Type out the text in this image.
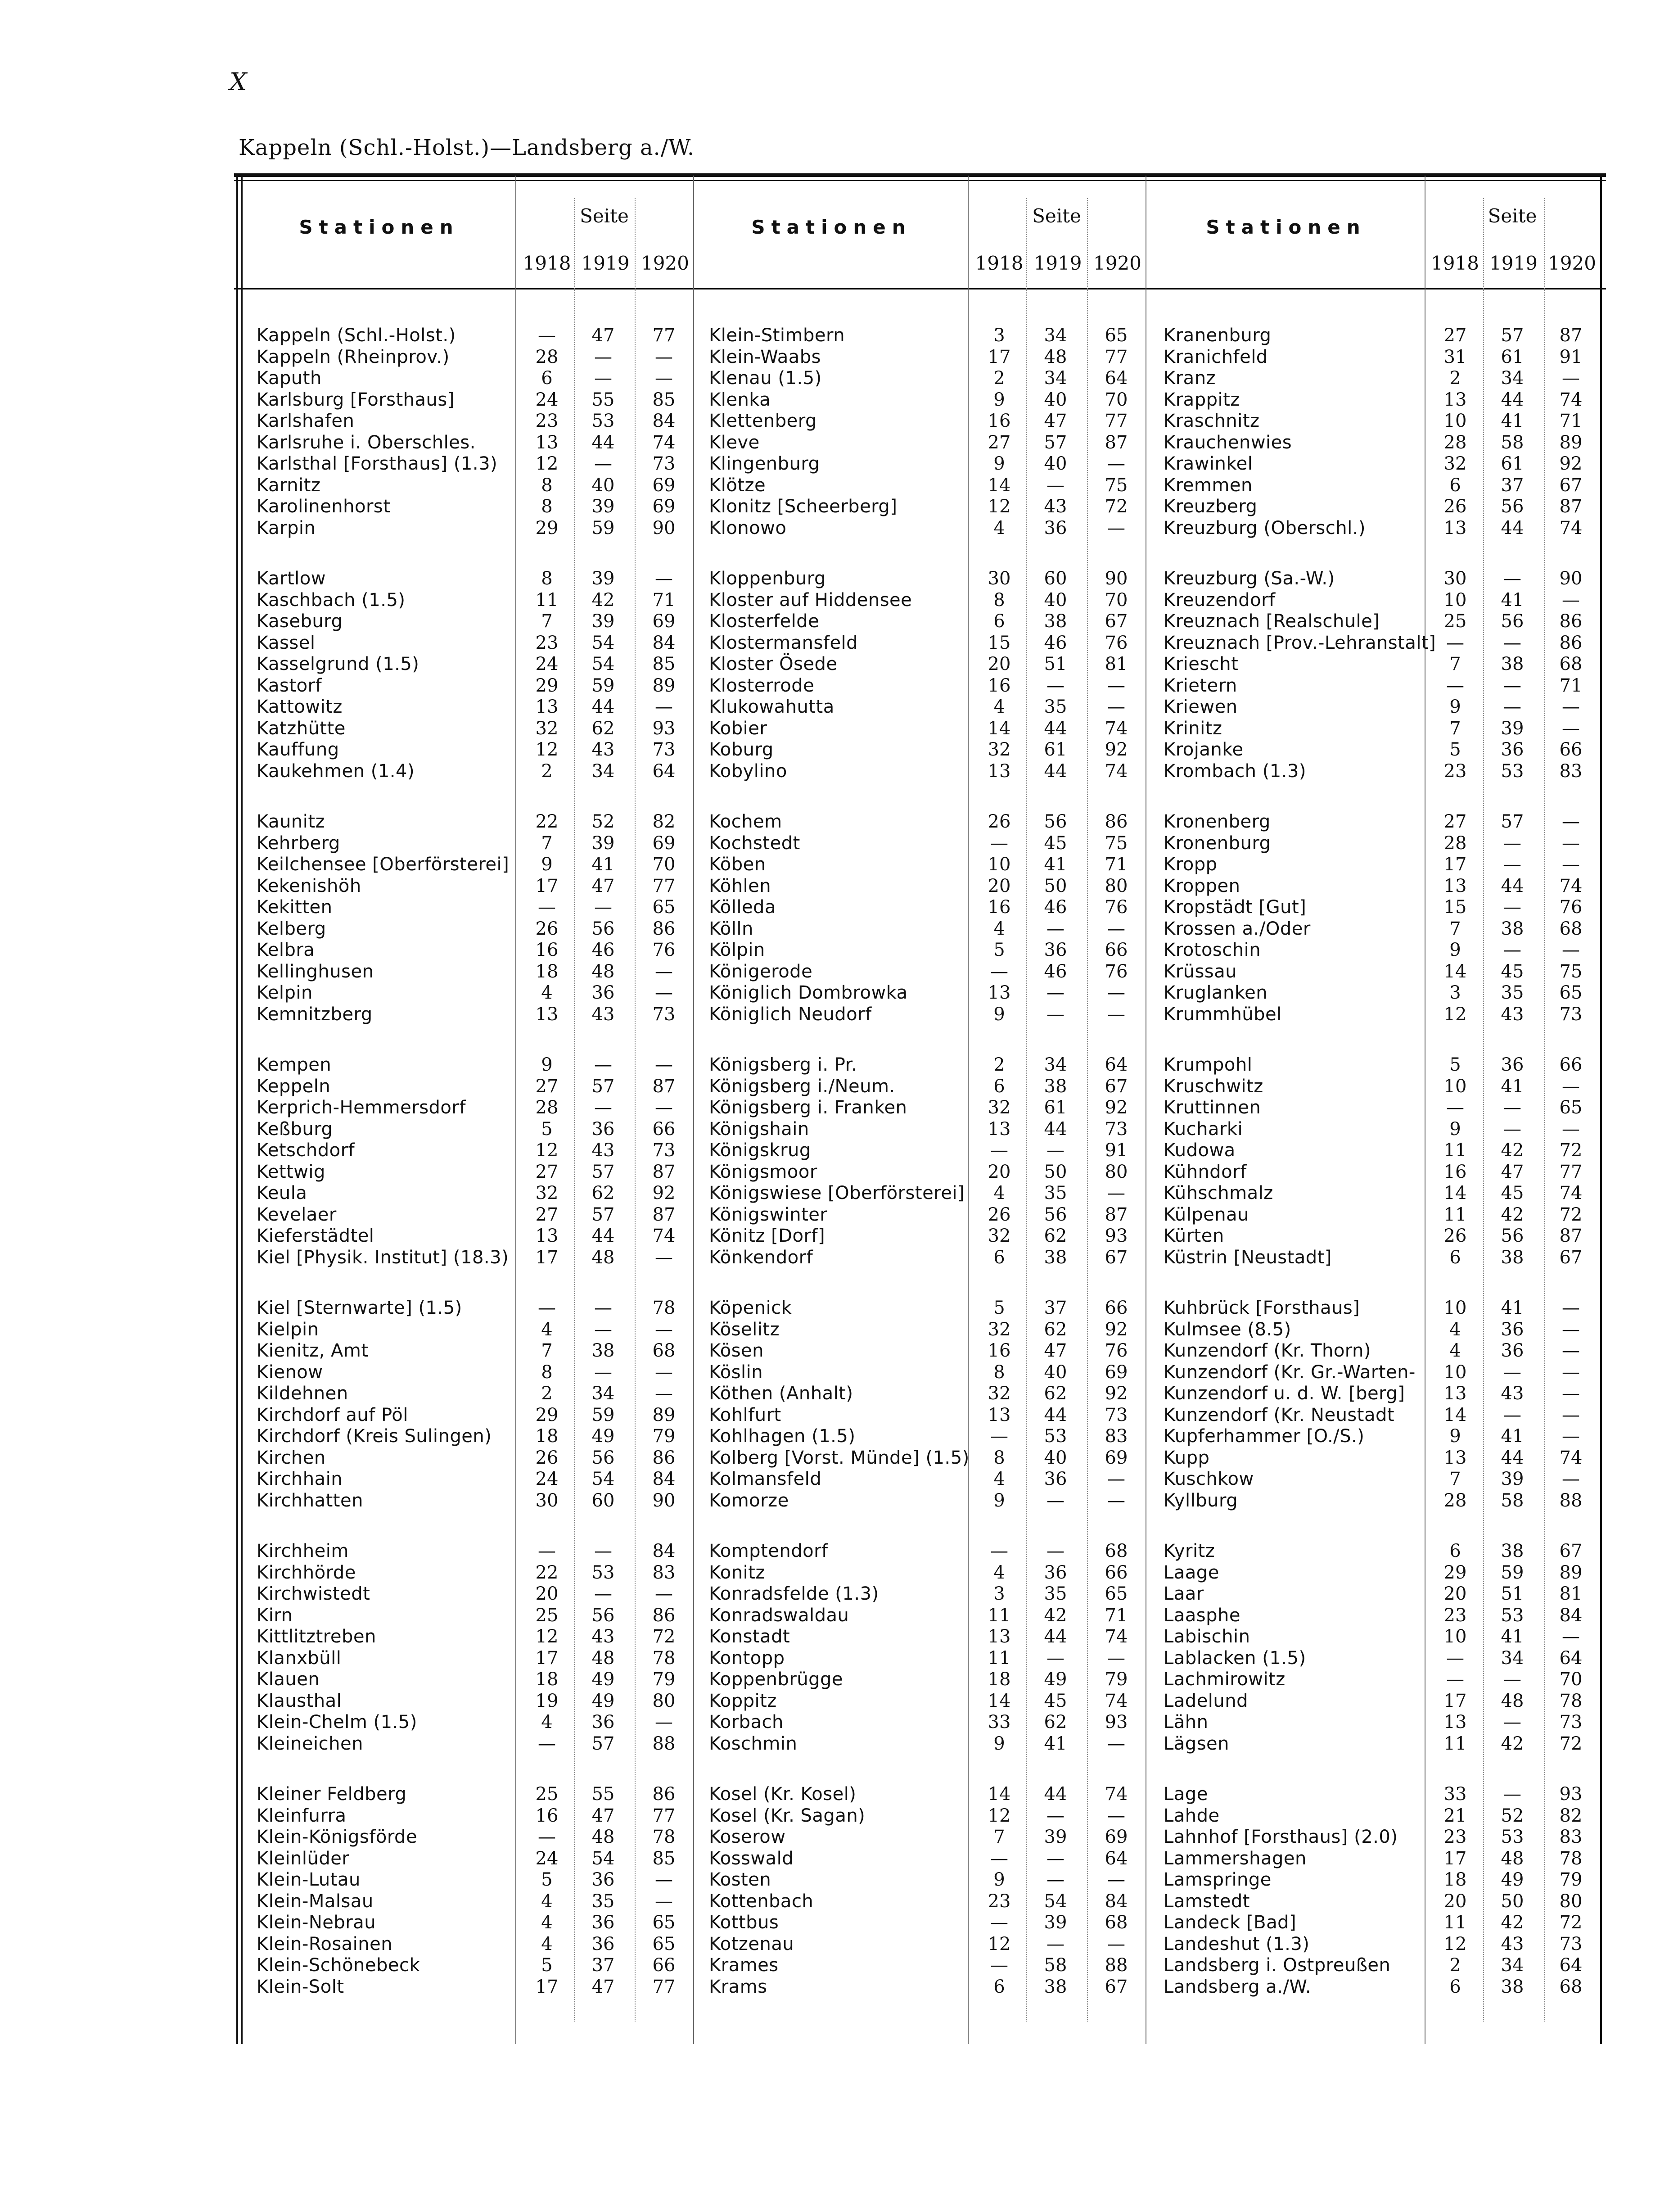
X
Kappeln (Schl.-Holst.)—Landsberg a./W.
Stationen	Stationen	Stationen
Seite	Seite	Seite
1918 1919 1920	1918 1919 1920	1918 1919 1920
Kappeln (Schl.-Holst.)	—	47 77
Kappeln (Rheinprov.)	28	—	—
Kaputh	6	—	—
Karlsburg [Forsthaus]	24 55 85
Karlshafen	23 53 84
Karlsruhe i. Oberschles.	13 44 74
Karlsthal [Forsthaus] (1.3) 12	—	73
Karnitz	8	40 69
Karolinenhorst	8	39 69
Karpin	29 59 90
Kartlow	8	39	—
Kaschbach (1.5)	11 42 71
Kaseburg	7	39 69
Kassel	23 54 84
Kasselgrund (1.5)	24 54 85
Kastorf	29 59 89
Kattowitz	13 44	—
Katzhütte	32 62 93
Kauffung	12 43 73
Kaukehmen (1.4)	2	34 64
Kaunitz	22 52 82
Kehrberg	7	39 69
Keilchensee [Oberförsterei]	9	41 70
Kekenishöh	17 47 77
Kekitten	—	—	65
Kelberg	26 56 86
Kelbra	16 46 76
Kellinghusen	18 48	—
Kelpin	4	36	—
Kemnitzberg	13 43 73
Kempen	9	—	—
Keppeln	27 57 87
Kerprich-Hemmersdorf	28	—	—
Keßburg	5	36 66
Ketschdorf	12 43 73
Kettwig	27 57 87
Keula	32 62 92
Kevelaer	27 57 87
Kieferstädtel	13 44 74
Kiel [Physik. Institut] (18.3) 17 48	—
Kiel [Sternwarte] (1.5)	—	—	78
Kielpin	4	—	—
Kienitz, Amt	7	38 68
Kienow	8	—	—
Kildehnen	2	34	—
Kirchdorf auf Pöl	29 59 89
Kirchdorf (Kreis Sulingen) 18 49 79
Kirchen	26 56 86
Kirchhain	24 54 84
Kirchhatten	30 60 90
Kirchheim	—	—	84
Kirchhörde	22 53 83
Kirchwistedt	20	—	—
Kirn	25 56 86
Kittlitztreben	12 43 72
Klanxbüll	17 48 78
Klauen	18 49 79
Klausthal	19 49 80
Klein-Chelm (1.5)	4	36	—
Kleineichen	—	57 88
Kleiner Feldberg	25 55 86
Kleinfurra	16 47 77
Klein-Königsförde	—	48 78
Kleinlüder	24 54 85
Klein-Lutau	5	36	—
Klein-Malsau	4	35	—
Klein-Nebrau	4	36 65
Klein-Rosainen	4	36 65
Klein-Schönebeck	5	37 66
Klein-Solt	17 47 77
Klein-Stimbern	3	34 65
Klein-Waabs	17 48 77
Klenau (1.5)	2	34 64
Klenka	9	40 70
Klettenberg	16 47 77
Kleve	27 57 87
Klingenburg	9	40	—
Klötze	14	—	75
Klonitz [Scheerberg]	12 43 72
Klonowo	4	36	—
Kloppenburg	30 60 90
Kloster auf Hiddensee	8	40 70
Klosterfelde	6	38 67
Klostermansfeld	15 46 76
Kloster Ösede	20 51 81
Klosterrode	16	—	—
Klukowahutta	4	35	—
Kobier	14 44 74
Koburg	32 61 92
Kobylino	13 44 74
Kochem	26 56 86
Kochstedt	—	45 75
Köben	10 41 71
Köhlen	20 50 80
Kölleda	16 46 76
Kölln	4	—	—
Kölpin	5	36 66
Königerode	—	46 76
Königlich Dombrowka	13	—	—
Königlich Neudorf	9	—	—
Königsberg i. Pr.	2	34 64
Königsberg i./Neum.	6	38 67
Königsberg i. Franken	32 61 92
Königshain	13 44 73
Königskrug	—	—	91
Königsmoor	20 50 80
Königswiese [Oberförsterei]	4	35	—
Königswinter	26 56 87
Könitz [Dorf]	32 62 93
Könkendorf	6	38 67
Köpenick	5	37 66
Köselitz	32 62 92
Kösen	16 47 76
Köslin	8	40 69
Köthen (Anhalt)	32 62 92
Kohlfurt	13 44 73
Kohlhagen (1.5)	—	53 83
Kolberg [Vorst. Münde] (1.5)	8	40 69
Kolmansfeld	4	36	—
Komorze	9	—	—
Komptendorf	—	—	68
Konitz	4	36 66
Konradsfelde (1.3)	3	35 65
Konradswaldau	11 42 71
Konstadt	13 44 74
Kontopp	11	—	—
Koppenbrügge	18 49 79
Koppitz	14 45 74
Korbach	33 62 93
Koschmin	9	41	—
Kosel (Kr. Kosel)	14 44 74
Kosel (Kr. Sagan)	12	—	—
Koserow	7	39 69
Kosswald	—	—	64
Kosten	9	—	—
Kottenbach	23 54 84
Kottbus	—	39 68
Kotzenau	12	—	—
Krames	—	58 88
Krams	6	38 67
Kranenburg	27 57 87
Kranichfeld	31 61 91
Kranz	2	34	—
Krappitz	13 44 74
Kraschnitz	10 41 71
Krauchenwies	28 58 89
Krawinkel	32 61 92
Kremmen	6	37 67
Kreuzberg	26 56 87
Kreuzburg (Oberschl.)	13 44 74
Kreuzburg (Sa.-W.)	30	—	90
Kreuzendorf	10 41	—
Kreuznach [Realschule]	25 56 86
Kreuznach [Prov.-Lehranstalt] —	—	86
Kriescht	7	38 68
Krietern	—	—	71
Kriewen	9	—	—
Krinitz	7	39	—
Krojanke	5	36 66
Krombach (1.3)	23 53 83
Kronenberg	27 57	—
Kronenburg	28	—	—
Kropp	17	—	—
Kroppen	13 44 74
Kropstädt [Gut]	15	—	76
Krossen a./Oder	7	38 68
Krotoschin	9	—	—
Krüssau	14 45 75
Kruglanken	3	35 65
Krummhübel	12 43 73
Krumpohl	5	36 66
Kruschwitz	10 41	—
Kruttinnen	—	—	65
Kucharki	9	—	—
Kudowa	11 42 72
Kühndorf	16 47 77
Kühschmalz	14 45 74
Külpenau	11 42 72
Kürten	26 56 87
Küstrin [Neustadt]	6	38 67
Kuhbrück [Forsthaus]	10 41	—
Kulmsee (8.5)	4	36	—
Kunzendorf (Kr. Thorn)	4	36	—
Kunzendorf (Kr. Gr.-Warten- 10	—	—
Kunzendorf u. d. W. [berg] 13 43	—
Kunzendorf (Kr. Neustadt	14	—	—
Kupferhammer [O./S.)	9	41	—
Kupp	13 44 74
Kuschkow	7	39	—
Kyllburg	28 58 88
Kyritz	6	38 67
Laage	29 59 89
Laar	20 51 81
Laasphe	23 53 84
Labischin	10 41	—
Lablacken (1.5)	—	34 64
Lachmirowitz	—	—	70
Ladelund	17 48 78
Lähn	13	—	73
Lägsen	11 42 72
Lage	33	—	93
Lahde	21 52 82
Lahnhof [Forsthaus] (2.0)	23 53 83
Lammershagen	17 48 78
Lamspringe	18 49 79
Lamstedt	20 50 80
Landeck [Bad]	11 42 72
Landeshut (1.3)	12 43 73
Landsberg i. Ostpreußen	2	34 64
Landsberg a./W.	6	38 68
